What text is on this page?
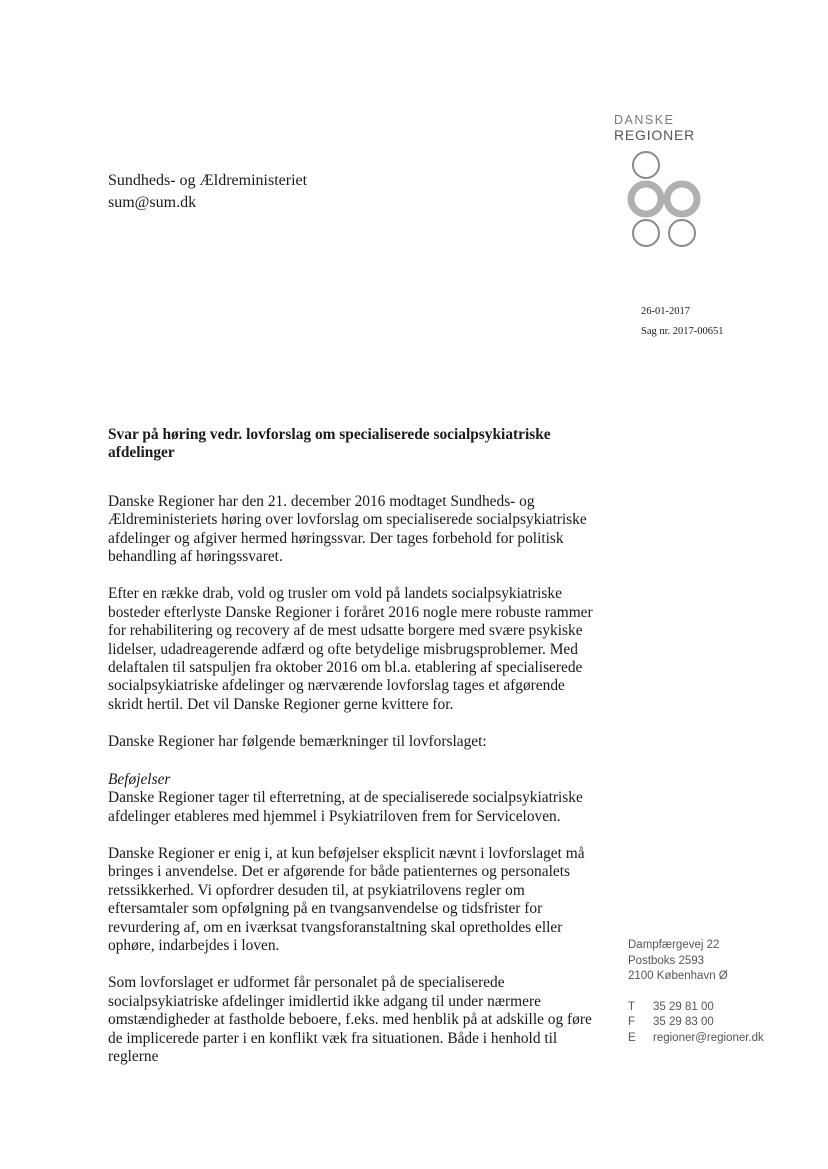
DANSKE
REGIONER
Sundheds- og Ældreministeriet
sum@sum.dk
26-01-2017
Sag nr. 2017-00651

Svar på høring vedr. lovforslag om specialiserede socialpsykiatriske afdelinger

Danske Regioner har den 21. december 2016 modtaget Sundheds- og Ældreministeriets høring over lovforslag om specialiserede socialpsykiatriske afdelinger og afgiver hermed høringssvar. Der tages forbehold for politisk behandling af høringssvaret.

Efter en række drab, vold og trusler om vold på landets socialpsykiatriske bosteder efterlyste Danske Regioner i foråret 2016 nogle mere robuste rammer for rehabilitering og recovery af de mest udsatte borgere med svære psykiske lidelser, udadreagerende adfærd og ofte betydelige misbrugsproblemer. Med delaftalen til satspuljen fra oktober 2016 om bl.a. etablering af specialiserede socialpsykiatriske afdelinger og nærværende lovforslag tages et afgørende skridt hertil. Det vil Danske Regioner gerne kvittere for.

Danske Regioner har følgende bemærkninger til lovforslaget:

Beføjelser
Danske Regioner tager til efterretning, at de specialiserede socialpsykiatriske afdelinger etableres med hjemmel i Psykiatriloven frem for Serviceloven.

Danske Regioner er enig i, at kun beføjelser eksplicit nævnt i lovforslaget må bringes i anvendelse. Det er afgørende for både patienternes og personalets retssikkerhed. Vi opfordrer desuden til, at psykiatrilovens regler om eftersamtaler som opfølgning på en tvangsanvendelse og tidsfrister for revurdering af, om en iværksat tvangsforanstaltning skal opretholdes eller ophøre, indarbejdes i loven.

Som lovforslaget er udformet får personalet på de specialiserede socialpsykiatriske afdelinger imidlertid ikke adgang til under nærmere omstændigheder at fastholde beboere, f.eks. med henblik på at adskille og føre de implicerede parter i en konflikt væk fra situationen. Både i henhold til reglerne

Dampfærgevej 22
Postboks 2593
2100 København Ø
T	35 29 81 00
F	35 29 83 00
E	regioner@regioner.dk
